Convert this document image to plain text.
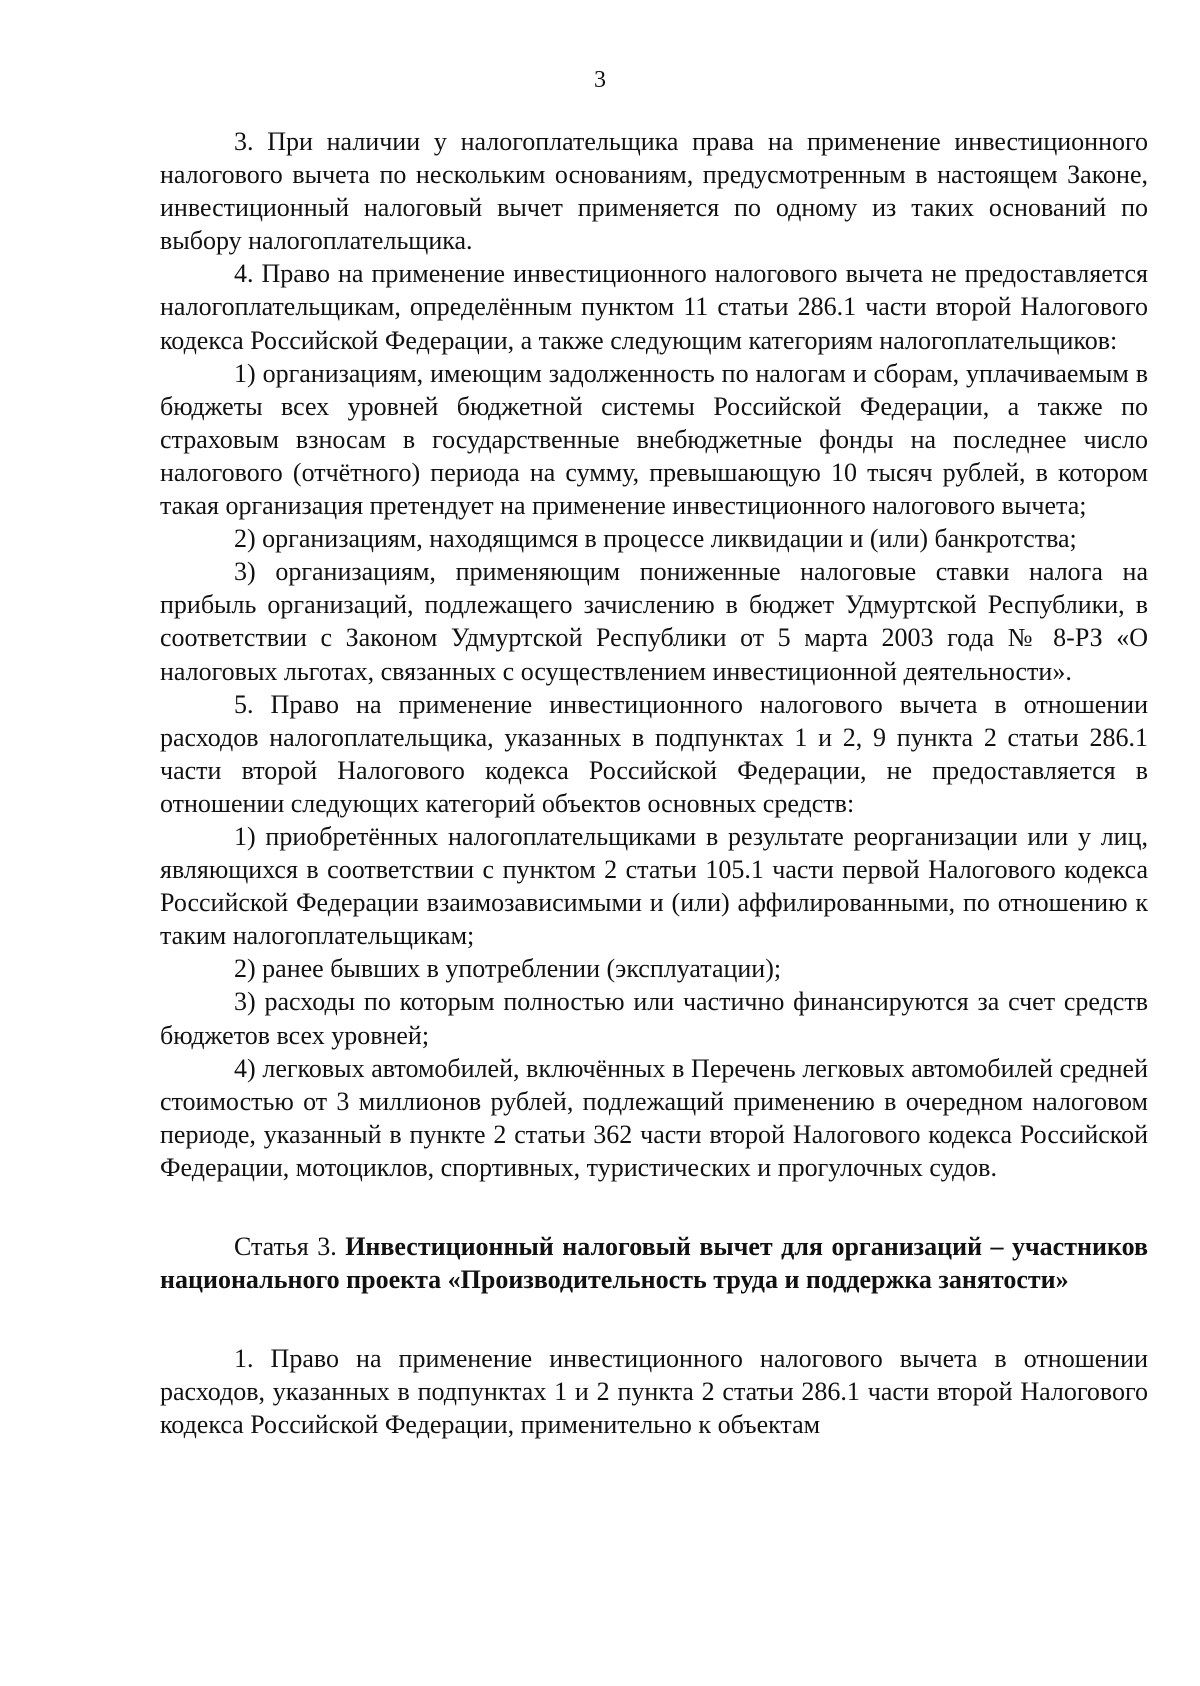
3

3. При наличии у налогоплательщика права на применение инвестиционного налогового вычета по нескольким основаниям, предусмотренным в настоящем Законе, инвестиционный налоговый вычет применяется по одному из таких оснований по выбору налогоплательщика.

4. Право на применение инвестиционного налогового вычета не предоставляется налогоплательщикам, определённым пунктом 11 статьи 286.1 части второй Налогового кодекса Российской Федерации, а также следующим категориям налогоплательщиков:

1) организациям, имеющим задолженность по налогам и сборам, уплачиваемым в бюджеты всех уровней бюджетной системы Российской Федерации, а также по страховым взносам в государственные внебюджетные фонды на последнее число налогового (отчётного) периода на сумму, превышающую 10 тысяч рублей, в котором такая организация претендует на применение инвестиционного налогового вычета;

2) организациям, находящимся в процессе ликвидации и (или) банкротства;

3) организациям, применяющим пониженные налоговые ставки налога на прибыль организаций, подлежащего зачислению в бюджет Удмуртской Республики, в соответствии с Законом Удмуртской Республики от 5 марта 2003 года № 8-РЗ «О налоговых льготах, связанных с осуществлением инвестиционной деятельности».

5. Право на применение инвестиционного налогового вычета в отношении расходов налогоплательщика, указанных в подпунктах 1 и 2, 9 пункта 2 статьи 286.1 части второй Налогового кодекса Российской Федерации, не предоставляется в отношении следующих категорий объектов основных средств:

1) приобретённых налогоплательщиками в результате реорганизации или у лиц, являющихся в соответствии с пунктом 2 статьи 105.1 части первой Налогового кодекса Российской Федерации взаимозависимыми и (или) аффилированными, по отношению к таким налогоплательщикам;

2) ранее бывших в употреблении (эксплуатации);

3) расходы по которым полностью или частично финансируются за счет средств бюджетов всех уровней;

4) легковых автомобилей, включённых в Перечень легковых автомобилей средней стоимостью от 3 миллионов рублей, подлежащий применению в очередном налоговом периоде, указанный в пункте 2 статьи 362 части второй Налогового кодекса Российской Федерации, мотоциклов, спортивных, туристических и прогулочных судов.

Статья 3. Инвестиционный налоговый вычет для организаций – участников национального проекта «Производительность труда и поддержка занятости»

1. Право на применение инвестиционного налогового вычета в отношении расходов, указанных в подпунктах 1 и 2 пункта 2 статьи 286.1 части второй Налогового кодекса Российской Федерации, применительно к объектам
